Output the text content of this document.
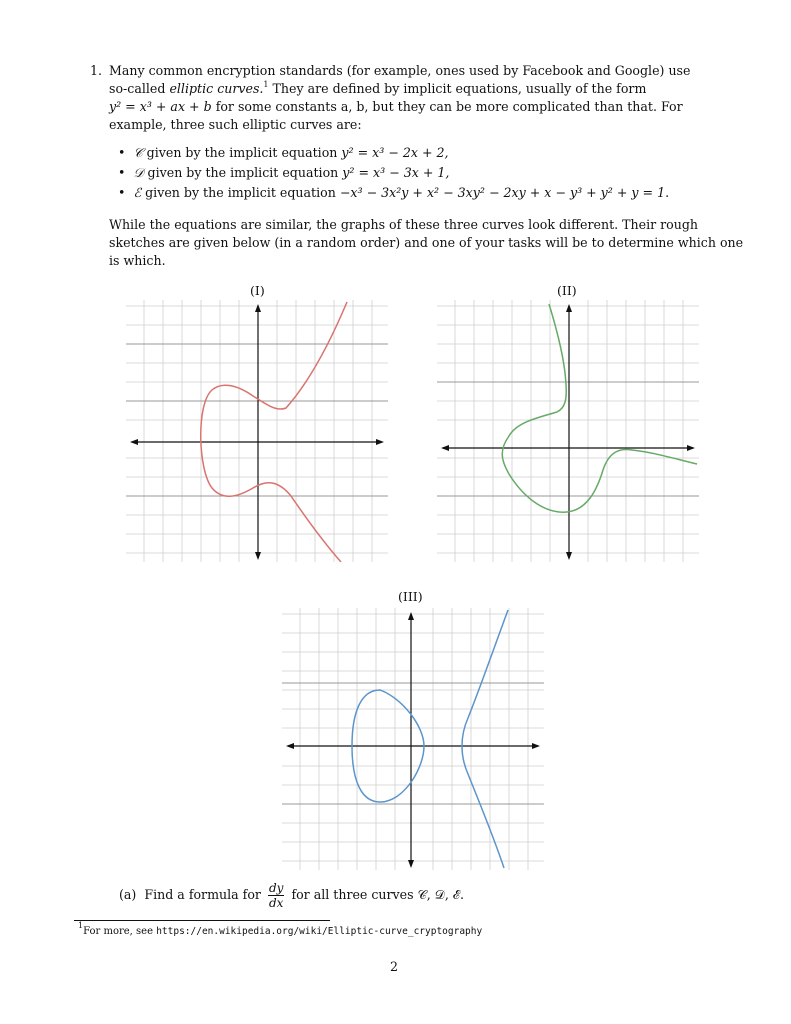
1. Many common encryption standards (for example, ones used by Facebook and Google) use
so-called elliptic curves.$^1$ They are defined by implicit equations, usually of the form
y² = x³ + ax + b for some constants a, b, but they can be more complicated than that. For
example, three such elliptic curves are:
• 𝒞 given by the implicit equation y² = x³ − 2x + 2,
• 𝒟 given by the implicit equation y² = x³ − 3x + 1,
• ℰ given by the implicit equation −x³ − 3x²y + x² − 3xy² − 2xy + x − y³ + y² + y = 1.
While the equations are similar, the graphs of these three curves look different. Their rough
sketches are given below (in a random order) and one of your tasks will be to determine which one
is which.
(I)	(II)
(III)
(a) Find a formula for $\frac{dy}{dx}$ for all three curves 𝒞, 𝒟, ℰ.
$^1$For more, see https://en.wikipedia.org/wiki/Elliptic-curve_cryptography
2
